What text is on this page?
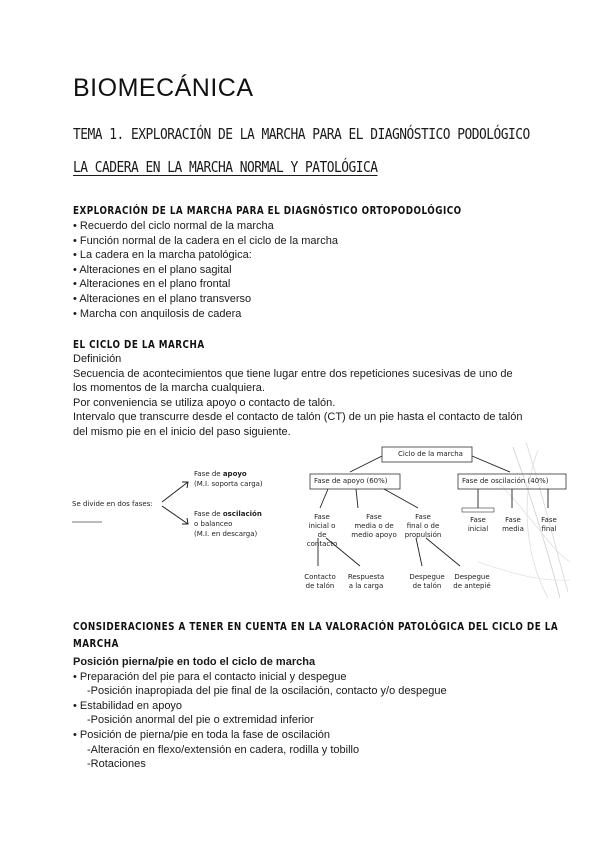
BIOMECÁNICA
TEMA 1. EXPLORACIÓN DE LA MARCHA PARA EL DIAGNÓSTICO PODOLÓGICO
LA CADERA EN LA MARCHA NORMAL Y PATOLÓGICA
EXPLORACIÓN DE LA MARCHA PARA EL DIAGNÓSTICO ORTOPODOLÓGICO
• Recuerdo del ciclo normal de la marcha
• Función normal de la cadera en el ciclo de la marcha
• La cadera en la marcha patológica:
• Alteraciones en el plano sagital
• Alteraciones en el plano frontal
• Alteraciones en el plano transverso
• Marcha con anquilosis de cadera
EL CICLO DE LA MARCHA
Definición
Secuencia de acontecimientos que tiene lugar entre dos repeticiones sucesivas de uno de
los momentos de la marcha cualquiera.
Por conveniencia se utiliza apoyo o contacto de talón.
Intervalo que transcurre desde el contacto de talón (CT) de un pie hasta el contacto de talón
del mismo pie en el inicio del paso siguiente.
Se divide en dos fases:
Fase de apoyo
(M.I. soporta carga)
Fase de oscilación
o balanceo
(M.I. en descarga)
Ciclo de la marcha
Fase de apoyo (60%)	Fase de oscilación (40%)
Fase
inicial o
de contacto
Fase
media o de
medio apoyo
Fase
final o de
propulsión
Fase
inicial
Fase
media
Fase
final
Contacto
de talón
Respuesta
a la carga
Despegue
de talón
Despegue
de antepié
CONSIDERACIONES A TENER EN CUENTA EN LA VALORACIÓN PATOLÓGICA DEL CICLO DE LA
MARCHA
Posición pierna/pie en todo el ciclo de marcha
• Preparación del pie para el contacto inicial y despegue
-Posición inapropiada del pie final de la oscilación, contacto y/o despegue
• Estabilidad en apoyo
-Posición anormal del pie o extremidad inferior
• Posición de pierna/pie en toda la fase de oscilación
-Alteración en flexo/extensión en cadera, rodilla y tobillo
-Rotaciones
